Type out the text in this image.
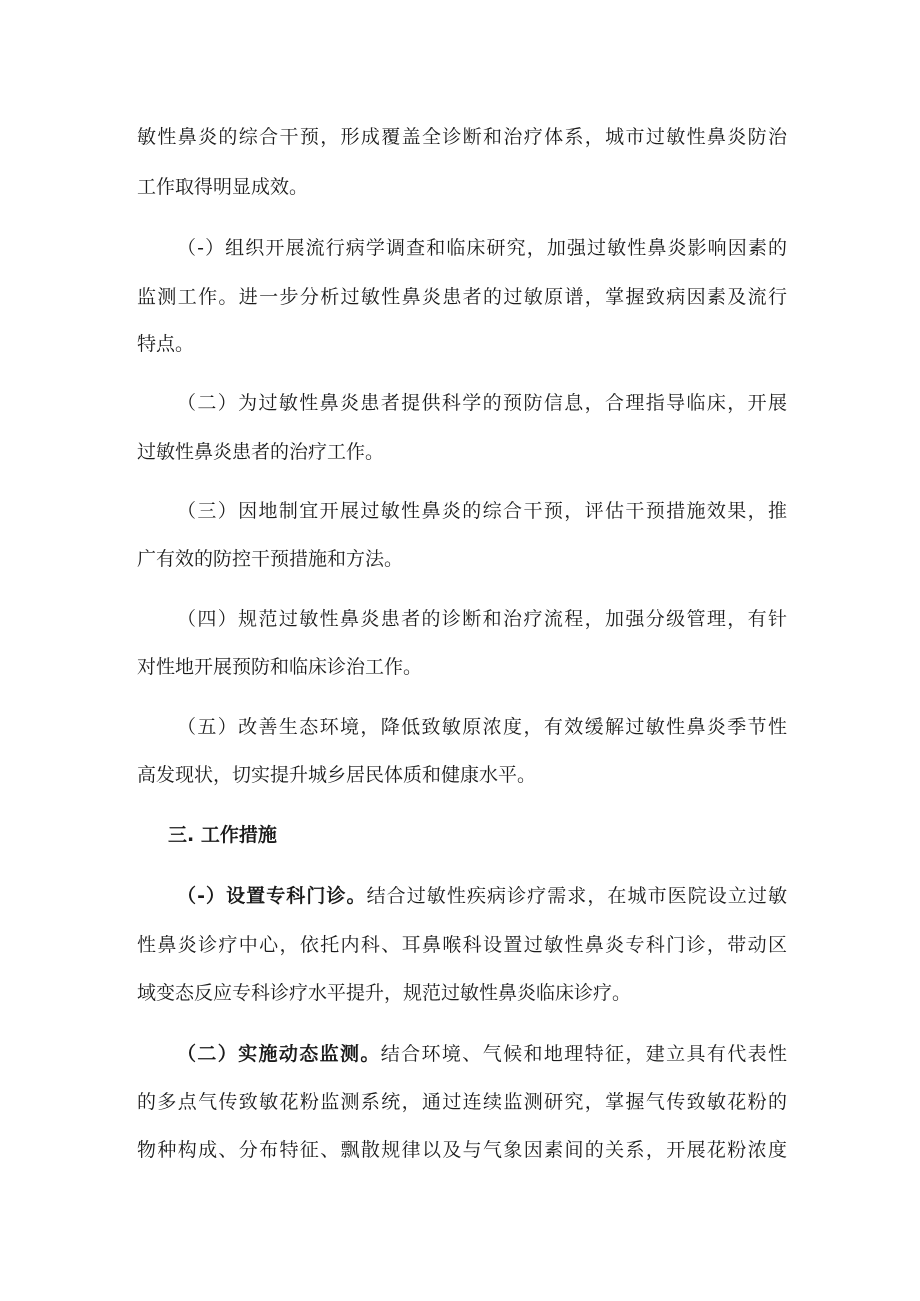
敏性鼻炎的综合干预，形成覆盖全诊断和治疗体系，城市过敏性鼻炎防治
工作取得明显成效。
（-）组织开展流行病学调查和临床研究，加强过敏性鼻炎影响因素的
监测工作。进一步分析过敏性鼻炎患者的过敏原谱，掌握致病因素及流行
特点。
（二）为过敏性鼻炎患者提供科学的预防信息，合理指导临床，开展
过敏性鼻炎患者的治疗工作。
（三）因地制宜开展过敏性鼻炎的综合干预，评估干预措施效果，推
广有效的防控干预措施和方法。
（四）规范过敏性鼻炎患者的诊断和治疗流程，加强分级管理，有针
对性地开展预防和临床诊治工作。
（五）改善生态环境，降低致敏原浓度，有效缓解过敏性鼻炎季节性
高发现状，切实提升城乡居民体质和健康水平。
三. 工作措施
（-）设置专科门诊。结合过敏性疾病诊疗需求，在城市医院设立过敏
性鼻炎诊疗中心，依托内科、耳鼻喉科设置过敏性鼻炎专科门诊，带动区
域变态反应专科诊疗水平提升，规范过敏性鼻炎临床诊疗。
（二）实施动态监测。结合环境、气候和地理特征，建立具有代表性
的多点气传致敏花粉监测系统，通过连续监测研究，掌握气传致敏花粉的
物种构成、分布特征、飘散规律以及与气象因素间的关系，开展花粉浓度
